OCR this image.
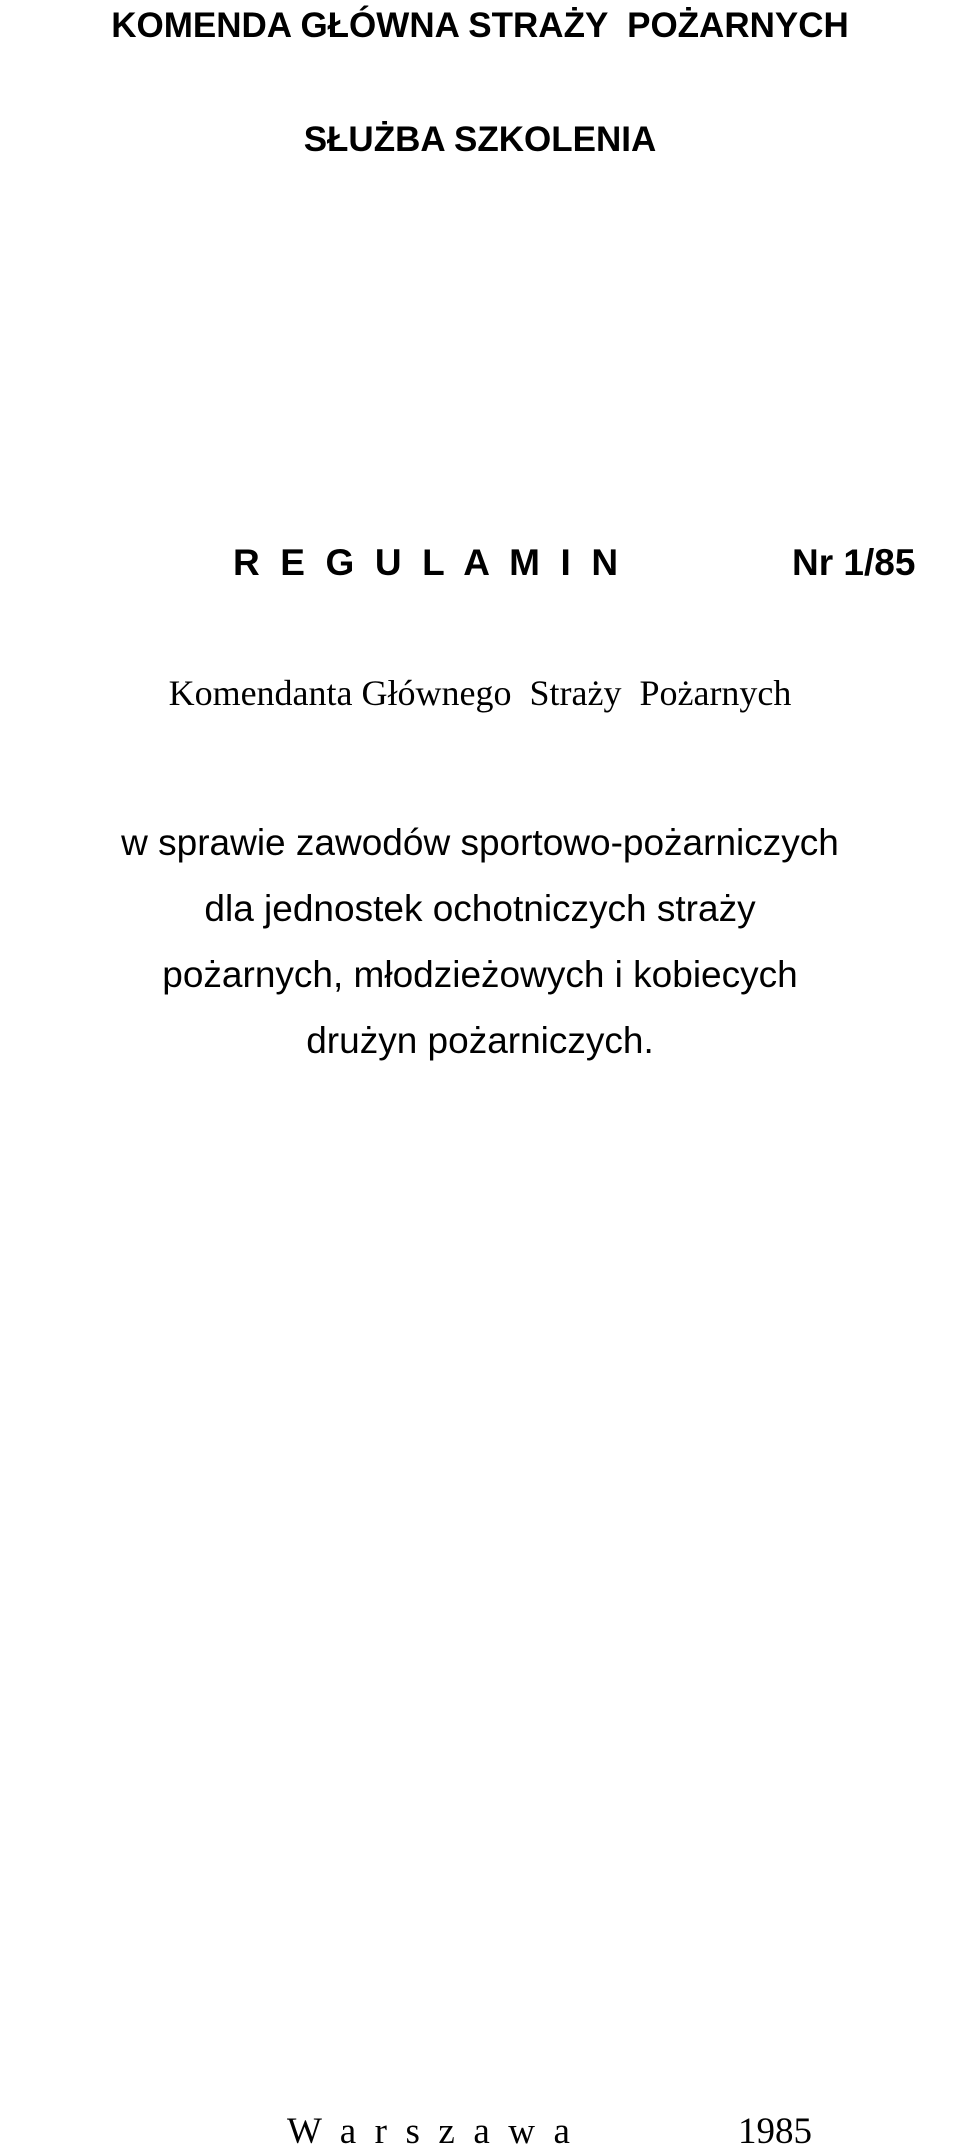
KOMENDA GŁÓWNA STRAŻY  POŻARNYCH
SŁUŻBA SZKOLENIA
R  E  G  U  L  A  M  I  N	Nr 1/85
Komendanta Głównego  Straży  Pożarnych
w sprawie zawodów sportowo-pożarniczych
dla jednostek ochotniczych straży
pożarnych, młodzieżowych i kobiecych
drużyn pożarniczych.
W  a  r  s  z  a  w  a	1985
